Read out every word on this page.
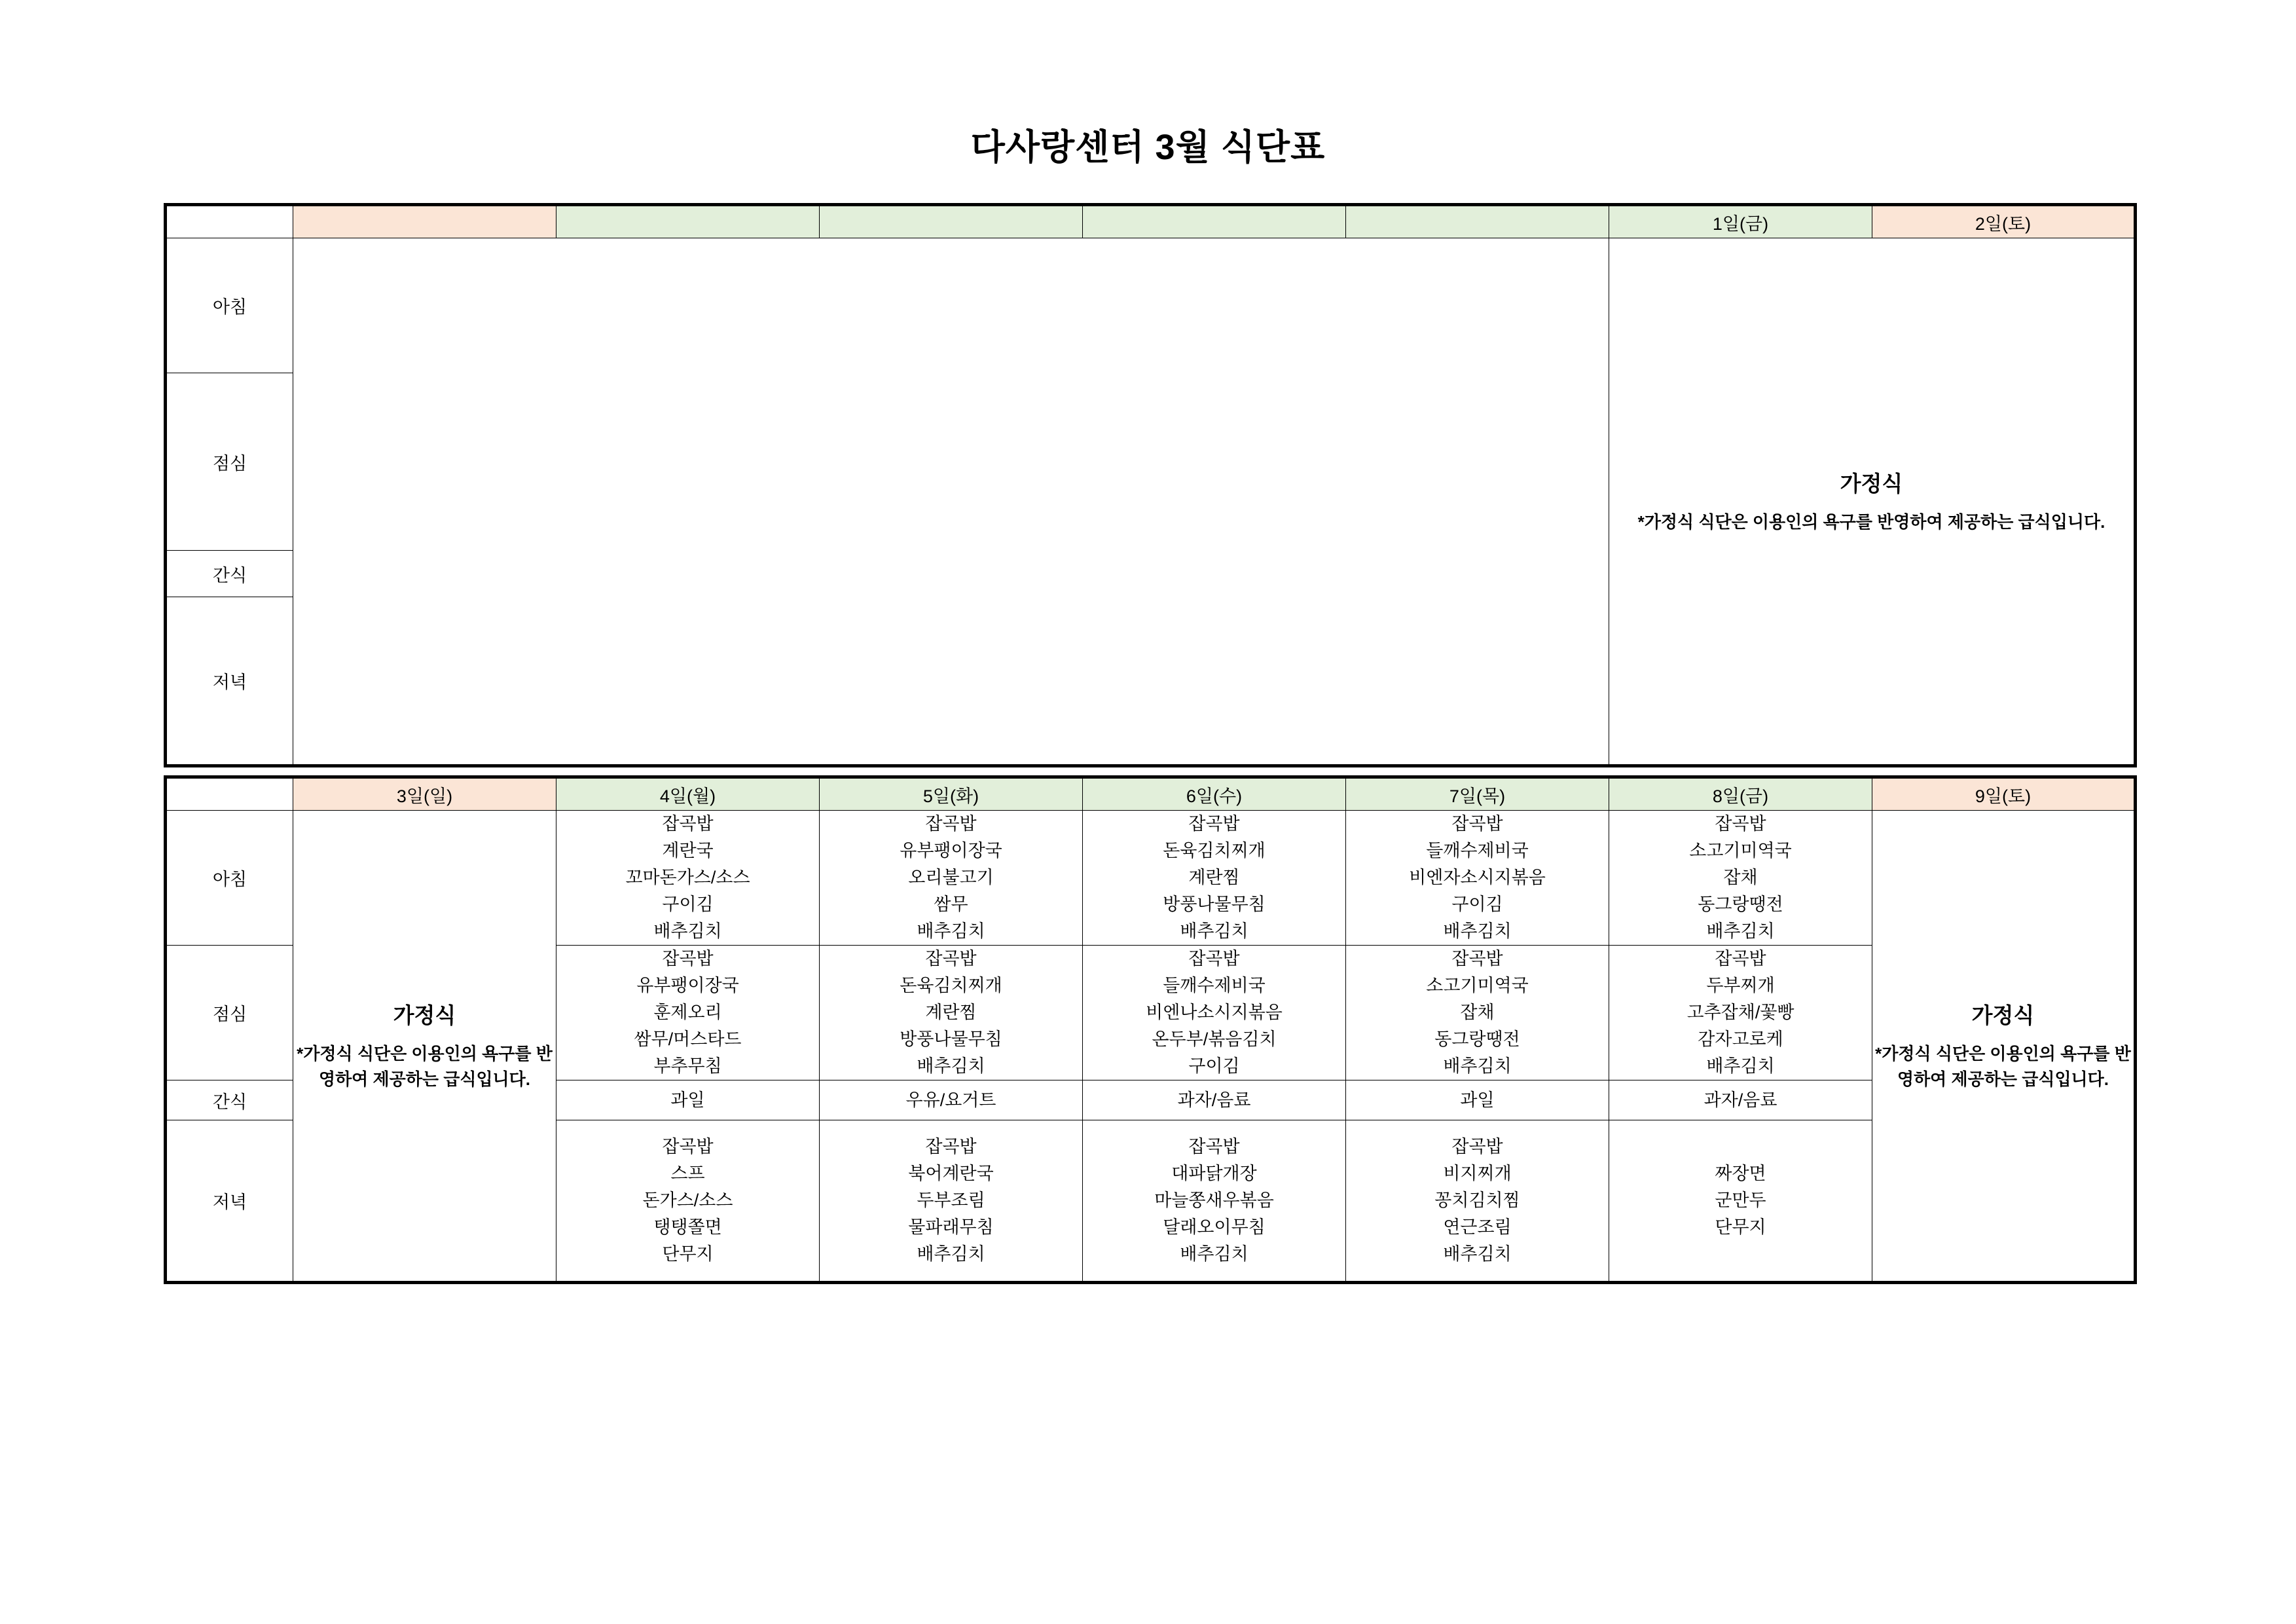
다사랑센터 3월 식단표
						1일(금)	2일(토)
아침						가정식
*가정식 식단은 이용인의 욕구를 반영하여 제공하는 급식입니다.	

점심							
간식							
저녁							
	3일(일)	4일(월)	5일(화)	6일(수)	7일(목)	8일(금)	9일(토)
아침	가정식
*가정식 식단은 이용인의 욕구를 반영하여 제공하는 급식입니다.	잡곡밥
계란국
꼬마돈가스/소스
구이김
배추김치	잡곡밥
유부팽이장국
오리불고기
쌈무
배추김치	잡곡밥
돈육김치찌개
계란찜
방풍나물무침
배추김치	잡곡밥
들깨수제비국
비엔자소시지볶음
구이김
배추김치	잡곡밥
소고기미역국
잡채
동그랑땡전
배추김치	가정식
*가정식 식단은 이용인의 욕구를 반영하여 제공하는 급식입니다.

점심		잡곡밥
유부팽이장국
훈제오리
쌈무/머스타드
부추무침	잡곡밥
돈육김치찌개
계란찜
방풍나물무침
배추김치	잡곡밥
들깨수제비국
비엔나소시지볶음
온두부/볶음김치
구이김	잡곡밥
소고기미역국
잡채
동그랑땡전
배추김치	잡곡밥
두부찌개
고추잡채/꽃빵
감자고로케
배추김치	

간식		과일	우유/요거트	과자/음료	과일	과자/음료	

저녁		잡곡밥
스프
돈가스/소스
탱탱쫄면
단무지	잡곡밥
북어계란국
두부조림
물파래무침
배추김치	잡곡밥
대파닭개장
마늘쫑새우볶음
달래오이무침
배추김치	잡곡밥
비지찌개
꽁치김치찜
연근조림
배추김치	짜장면
군만두
단무지	
